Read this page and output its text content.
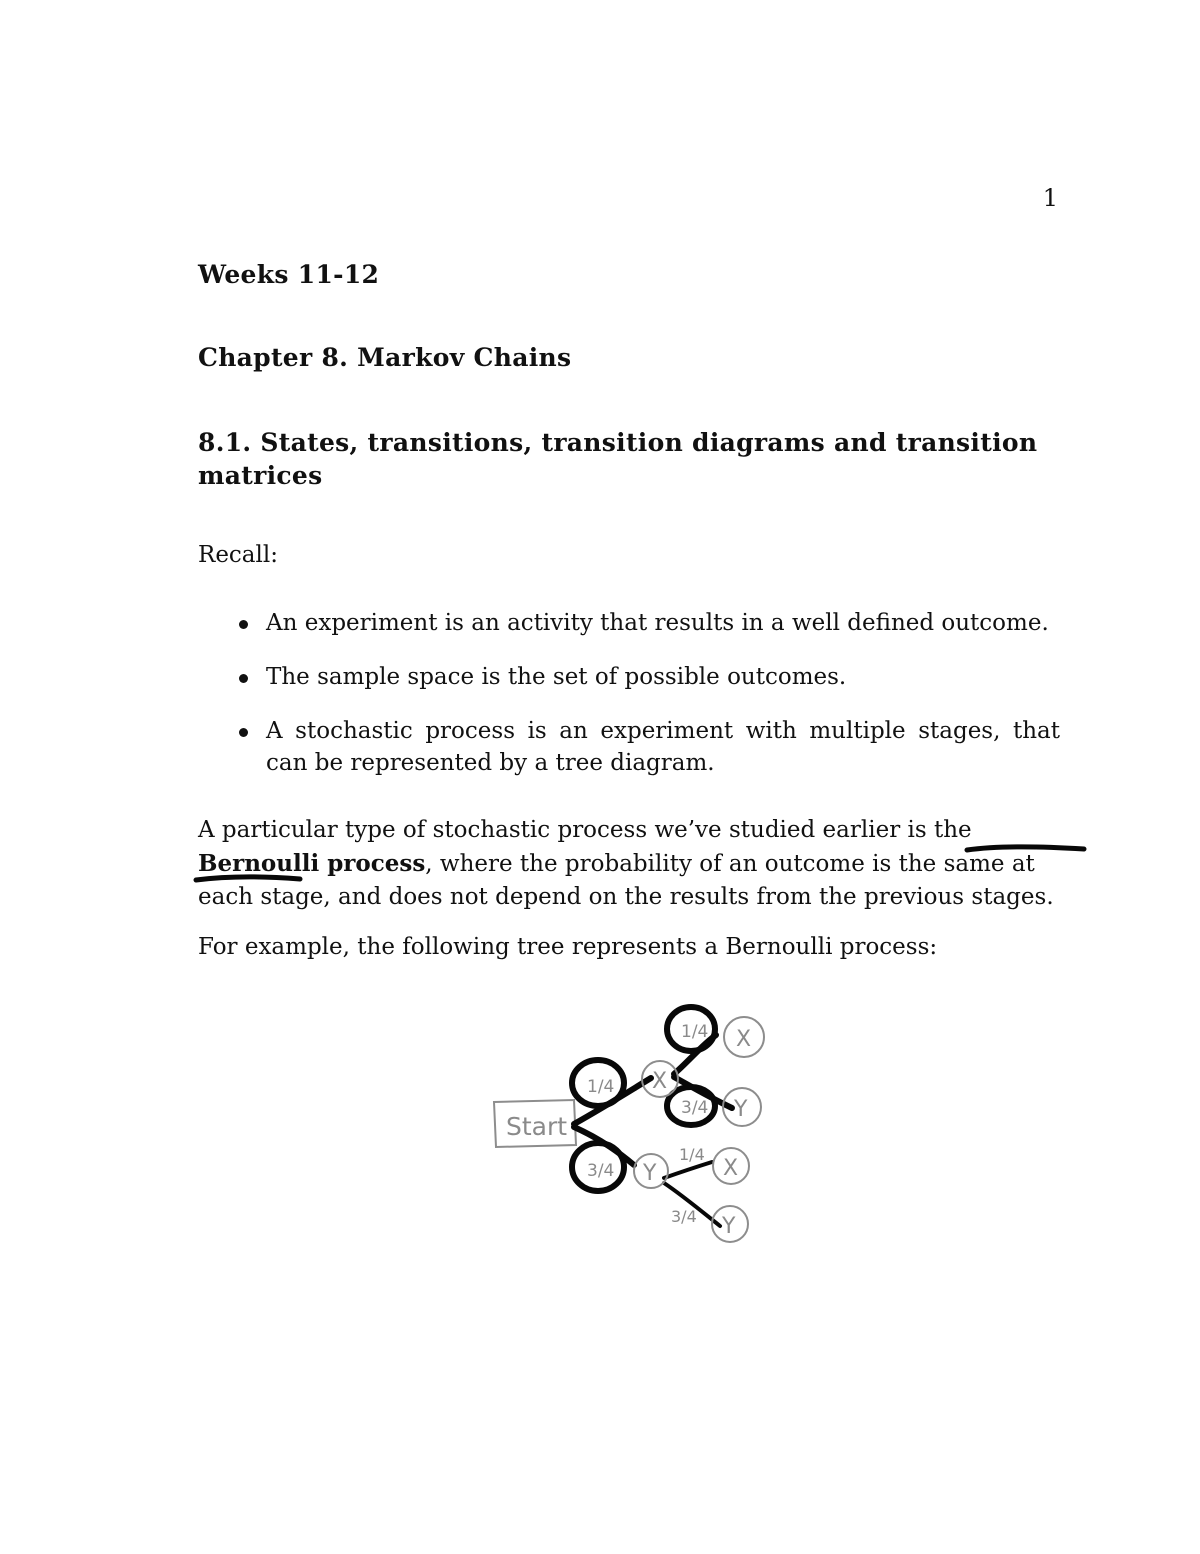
1
Weeks 11-12
Chapter 8. Markov Chains
8.1. States, transitions, transition diagrams and transition matrices
Recall:
An experiment is an activity that results in a well defined outcome.
The sample space is the set of possible outcomes.
A stochastic process is an experiment with multiple stages, that can be represented by a tree diagram.

A particular type of stochastic process we’ve studied earlier is the Bernoulli process, where the probability of an outcome is the same at each stage, and does not depend on the results from the previous stages.

For example, the following tree represents a Bernoulli process:

Start
1/4
3/4
1/4
3/4
1/4
3/4
X
Y
X
Y
X
Y
